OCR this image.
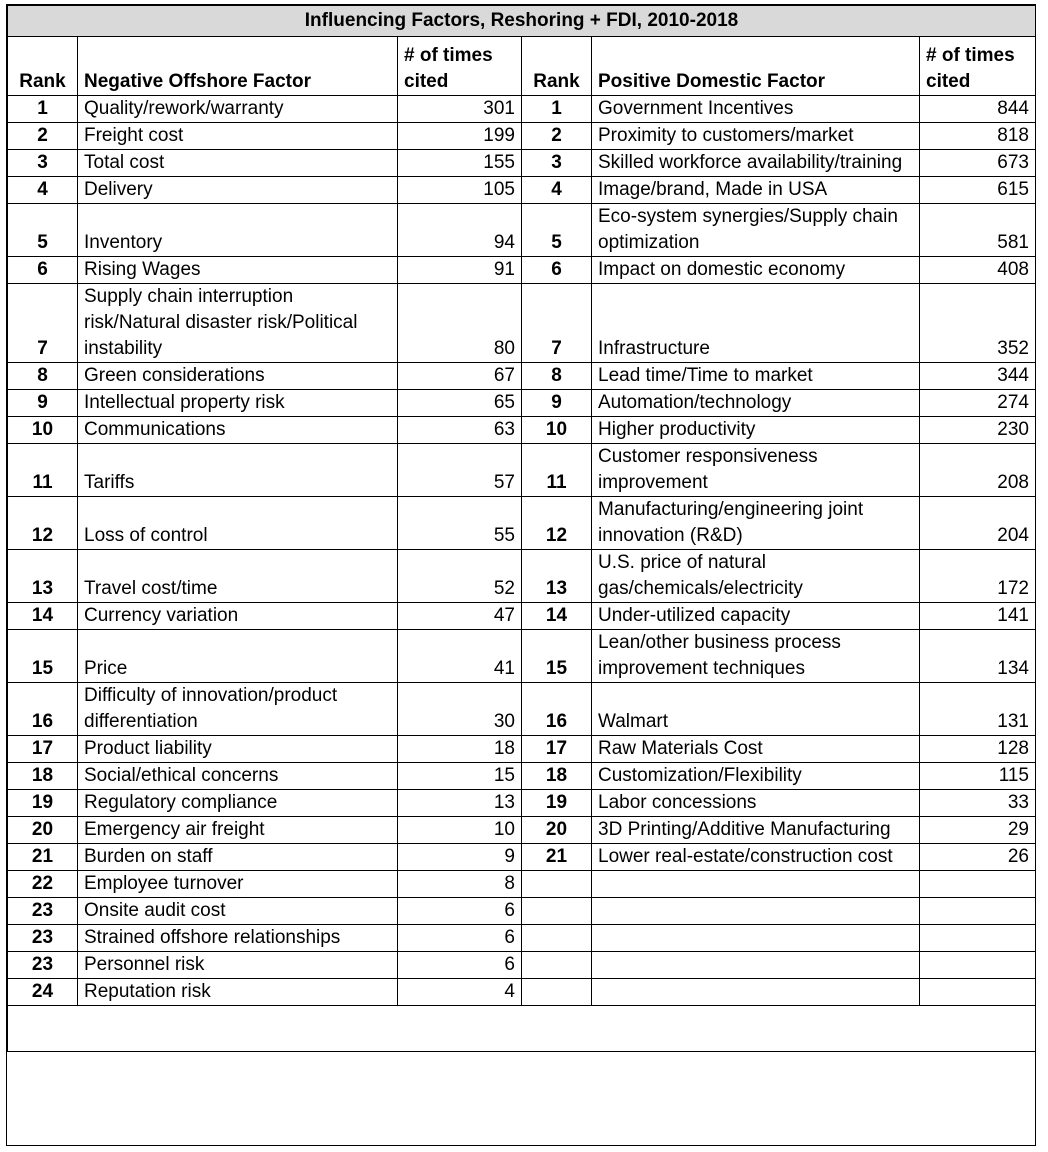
Influencing Factors, Reshoring + FDI, 2010-2018					
Rank	Negative Offshore Factor	# of times cited	Rank	Positive Domestic Factor	# of times cited
1	Quality/rework/warranty	301	1	Government Incentives	844
2	Freight cost	199	2	Proximity to customers/market	818
3	Total cost	155	3	Skilled workforce availability/training	673
4	Delivery	105	4	Image/brand, Made in USA	615
5	Inventory	94	5	Eco-system synergies/Supply chain optimization	581
6	Rising Wages	91	6	Impact on domestic economy	408
7	Supply chain interruption risk/Natural disaster risk/Political instability	80	7	Infrastructure	352
8	Green considerations	67	8	Lead time/Time to market	344
9	Intellectual property risk	65	9	Automation/technology	274
10	Communications	63	10	Higher productivity	230
11	Tariffs	57	11	Customer responsiveness improvement	208
12	Loss of control	55	12	Manufacturing/engineering joint innovation (R&D)	204
13	Travel cost/time	52	13	U.S. price of natural gas/chemicals/electricity	172
14	Currency variation	47	14	Under-utilized capacity	141
15	Price	41	15	Lean/other business process improvement techniques	134
16	Difficulty of innovation/product differentiation	30	16	Walmart	131
17	Product liability	18	17	Raw Materials Cost	128
18	Social/ethical concerns	15	18	Customization/Flexibility	115
19	Regulatory compliance	13	19	Labor concessions	33
20	Emergency air freight	10	20	3D Printing/Additive Manufacturing	29
21	Burden on staff	9	21	Lower real-estate/construction cost	26
22	Employee turnover	8			
23	Onsite audit cost	6			
23	Strained offshore relationships	6			
23	Personnel risk	6			
24	Reputation risk	4			
